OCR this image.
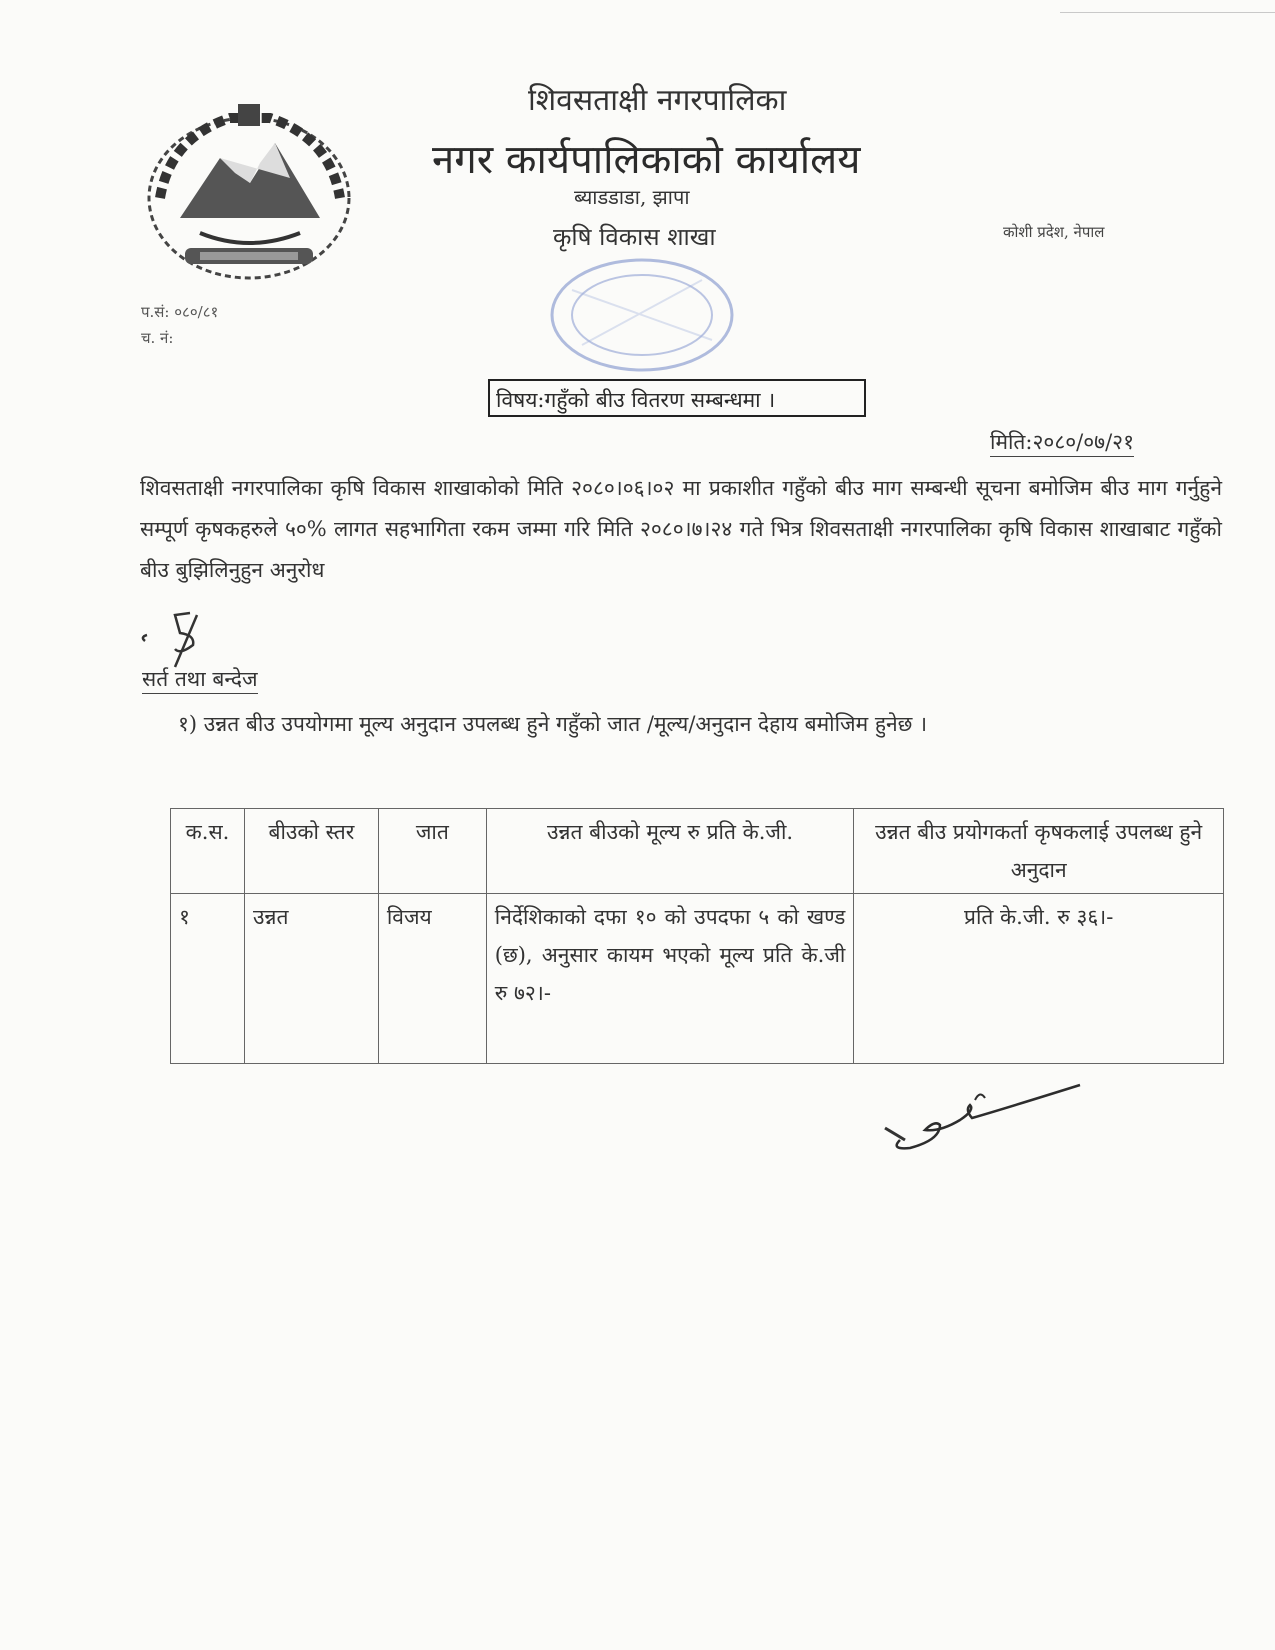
शिवसताक्षी नगरपालिका
नगर कार्यपालिकाको कार्यालय
ब्याडडाडा, झापा
कृषि विकास शाखा	कोशी प्रदेश, नेपाल
प.सं: ०८०/८१
च. नं:
विषय:गहुँको बीउ वितरण सम्बन्धमा ।
मिति:२०८०/०७/२१
शिवसताक्षी नगरपालिका कृषि विकास शाखाकोको मिति २०८०।०६।०२ मा प्रकाशीत गहुँको बीउ माग सम्बन्धी सूचना बमोजिम बीउ माग गर्नुहुने सम्पूर्ण कृषकहरुले ५०% लागत सहभागिता रकम जम्मा गरि मिति २०८०।७।२४ गते भित्र शिवसताक्षी नगरपालिका कृषि विकास शाखाबाट गहुँको बीउ बुझिलिनुहुन अनुरोध
सर्त तथा बन्देज
१) उन्नत बीउ उपयोगमा मूल्य अनुदान उपलब्ध हुने गहुँको जात /मूल्य/अनुदान देहाय बमोजिम हुनेछ ।
क.स.	बीउको स्तर	जात	उन्नत बीउको मूल्य रु प्रति के.जी.	उन्नत बीउ प्रयोगकर्ता कृषकलाई उपलब्ध हुने अनुदान
१	उन्नत	विजय	निर्देशिकाको दफा १० को उपदफा ५ को खण्ड (छ), अनुसार कायम भएको मूल्य प्रति के.जी रु ७२।-	प्रति के.जी. रु ३६।-
